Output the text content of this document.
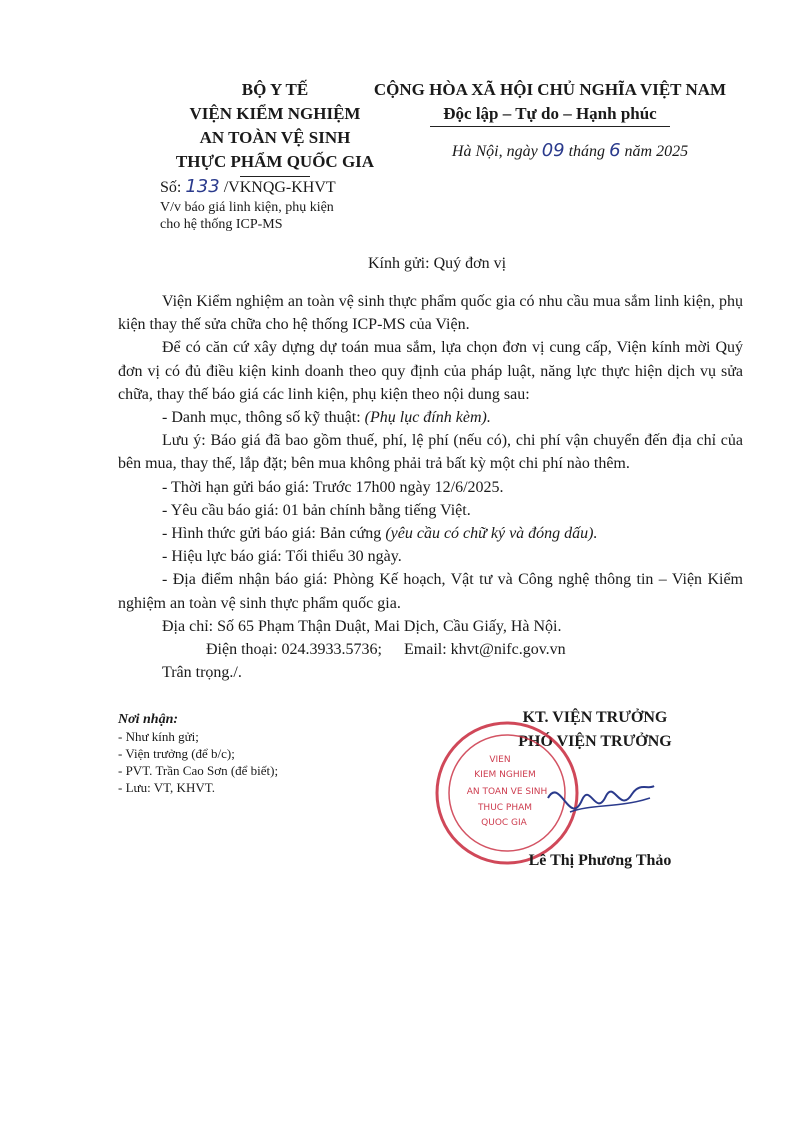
BỘ Y TẾ
VIỆN KIỂM NGHIỆM
AN TOÀN VỆ SINH
THỰC PHẨM QUỐC GIA
CỘNG HÒA XÃ HỘI CHỦ NGHĨA VIỆT NAM
Độc lập – Tự do – Hạnh phúc
Hà Nội, ngày 09 tháng 6 năm 2025
Số: 133 /VKNQG-KHVT
V/v báo giá linh kiện, phụ kiện
cho hệ thống ICP-MS
Kính gửi: Quý đơn vị

Viện Kiểm nghiệm an toàn vệ sinh thực phẩm quốc gia có nhu cầu mua sắm linh kiện, phụ kiện thay thế sửa chữa cho hệ thống ICP-MS của Viện.

Để có căn cứ xây dựng dự toán mua sắm, lựa chọn đơn vị cung cấp, Viện kính mời Quý đơn vị có đủ điều kiện kinh doanh theo quy định của pháp luật, năng lực thực hiện dịch vụ sửa chữa, thay thế báo giá các linh kiện, phụ kiện theo nội dung sau:

- Danh mục, thông số kỹ thuật: (Phụ lục đính kèm).

Lưu ý: Báo giá đã bao gồm thuế, phí, lệ phí (nếu có), chi phí vận chuyển đến địa chỉ của bên mua, thay thế, lắp đặt; bên mua không phải trả bất kỳ một chi phí nào thêm.

- Thời hạn gửi báo giá: Trước 17h00 ngày 12/6/2025.

- Yêu cầu báo giá: 01 bản chính bằng tiếng Việt.

- Hình thức gửi báo giá: Bản cứng (yêu cầu có chữ ký và đóng dấu).

- Hiệu lực báo giá: Tối thiểu 30 ngày.

- Địa điểm nhận báo giá: Phòng Kế hoạch, Vật tư và Công nghệ thông tin – Viện Kiểm nghiệm an toàn vệ sinh thực phẩm quốc gia.

Địa chỉ: Số 65 Phạm Thận Duật, Mai Dịch, Cầu Giấy, Hà Nội.

Điện thoại: 024.3933.5736; Email: khvt@nifc.gov.vn

Trân trọng./.

Nơi nhận:
- Như kính gửi;
- Viện trưởng (để b/c);
- PVT. Trần Cao Sơn (để biết);
- Lưu: VT, KHVT.
KT. VIỆN TRƯỞNG
PHÓ VIỆN TRƯỞNG
VIEN
KIEM NGHIEM
AN TOAN VE SINH
THUC PHAM
QUOC GIA
Lê Thị Phương Thảo
